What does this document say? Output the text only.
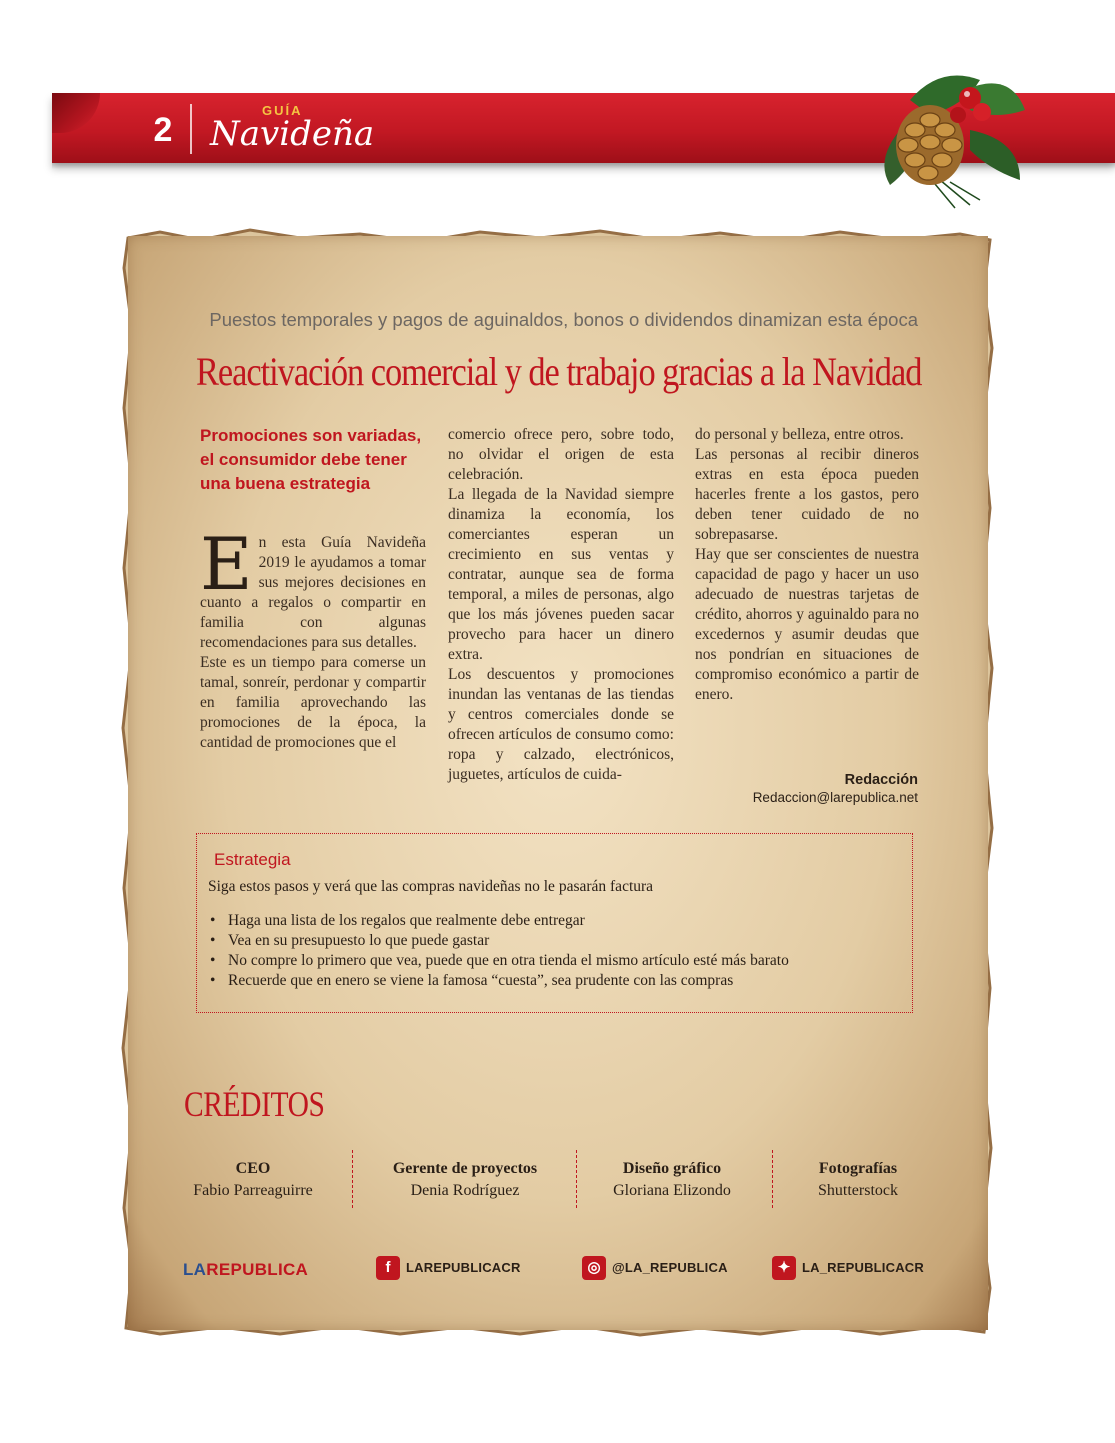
2 Navideña
GUÍA
Puestos temporales y pagos de aguinaldos, bonos o dividendos dinamizan esta época
Reactivación comercial y de trabajo gracias a la Navidad
Promociones son variadas, el consumidor debe tener una buena estrategia
E n esta Guía Navideña 2019 le ayudamos a tomar sus mejores decisiones en cuanto a regalos o compartir en familia con algunas recomendaciones para sus detalles.

Este es un tiempo para comerse un tamal, sonreír, perdonar y compartir en familia aprovechando las promociones de la época, la cantidad de promociones que el

comercio ofrece pero, sobre todo, no olvidar el origen de esta celebración.

La llegada de la Navidad siempre dinamiza la economía, los comerciantes esperan un crecimiento en sus ventas y contratar, aunque sea de forma temporal, a miles de personas, algo que los más jóvenes pueden sacar provecho para hacer un dinero extra.

Los descuentos y promociones inundan las ventanas de las tiendas y centros comerciales donde se ofrecen artículos de consumo como: ropa y calzado, electrónicos, juguetes, artículos de cuida-

do personal y belleza, entre otros.

Las personas al recibir dineros extras en esta época pueden hacerles frente a los gastos, pero deben tener cuidado de no sobrepasarse.

Hay que ser conscientes de nuestra capacidad de pago y hacer un uso adecuado de nuestras tarjetas de crédito, ahorros y aguinaldo para no excedernos y asumir deudas que nos pondrían en situaciones de compromiso económico a partir de enero.

Redacción
Redaccion@larepublica.net
Estrategia
Siga estos pasos y verá que las compras navideñas no le pasarán factura
• Haga una lista de los regalos que realmente debe entregar
• Vea en su presupuesto lo que puede gastar
• No compre lo primero que vea, puede que en otra tienda el mismo artículo esté más barato
• Recuerde que en enero se viene la famosa “cuesta”, sea prudente con las compras
CRÉDITOS
CEO
Fabio Parreaguirre
Gerente de proyectos
Denia Rodríguez
Diseño gráfico
Gloriana Elizondo
Fotografías
Shutterstock
LAREPUBLICA	f	LAREPUBLICACR	◎ @LA_REPUBLICA	✦ LA_REPUBLICACR
